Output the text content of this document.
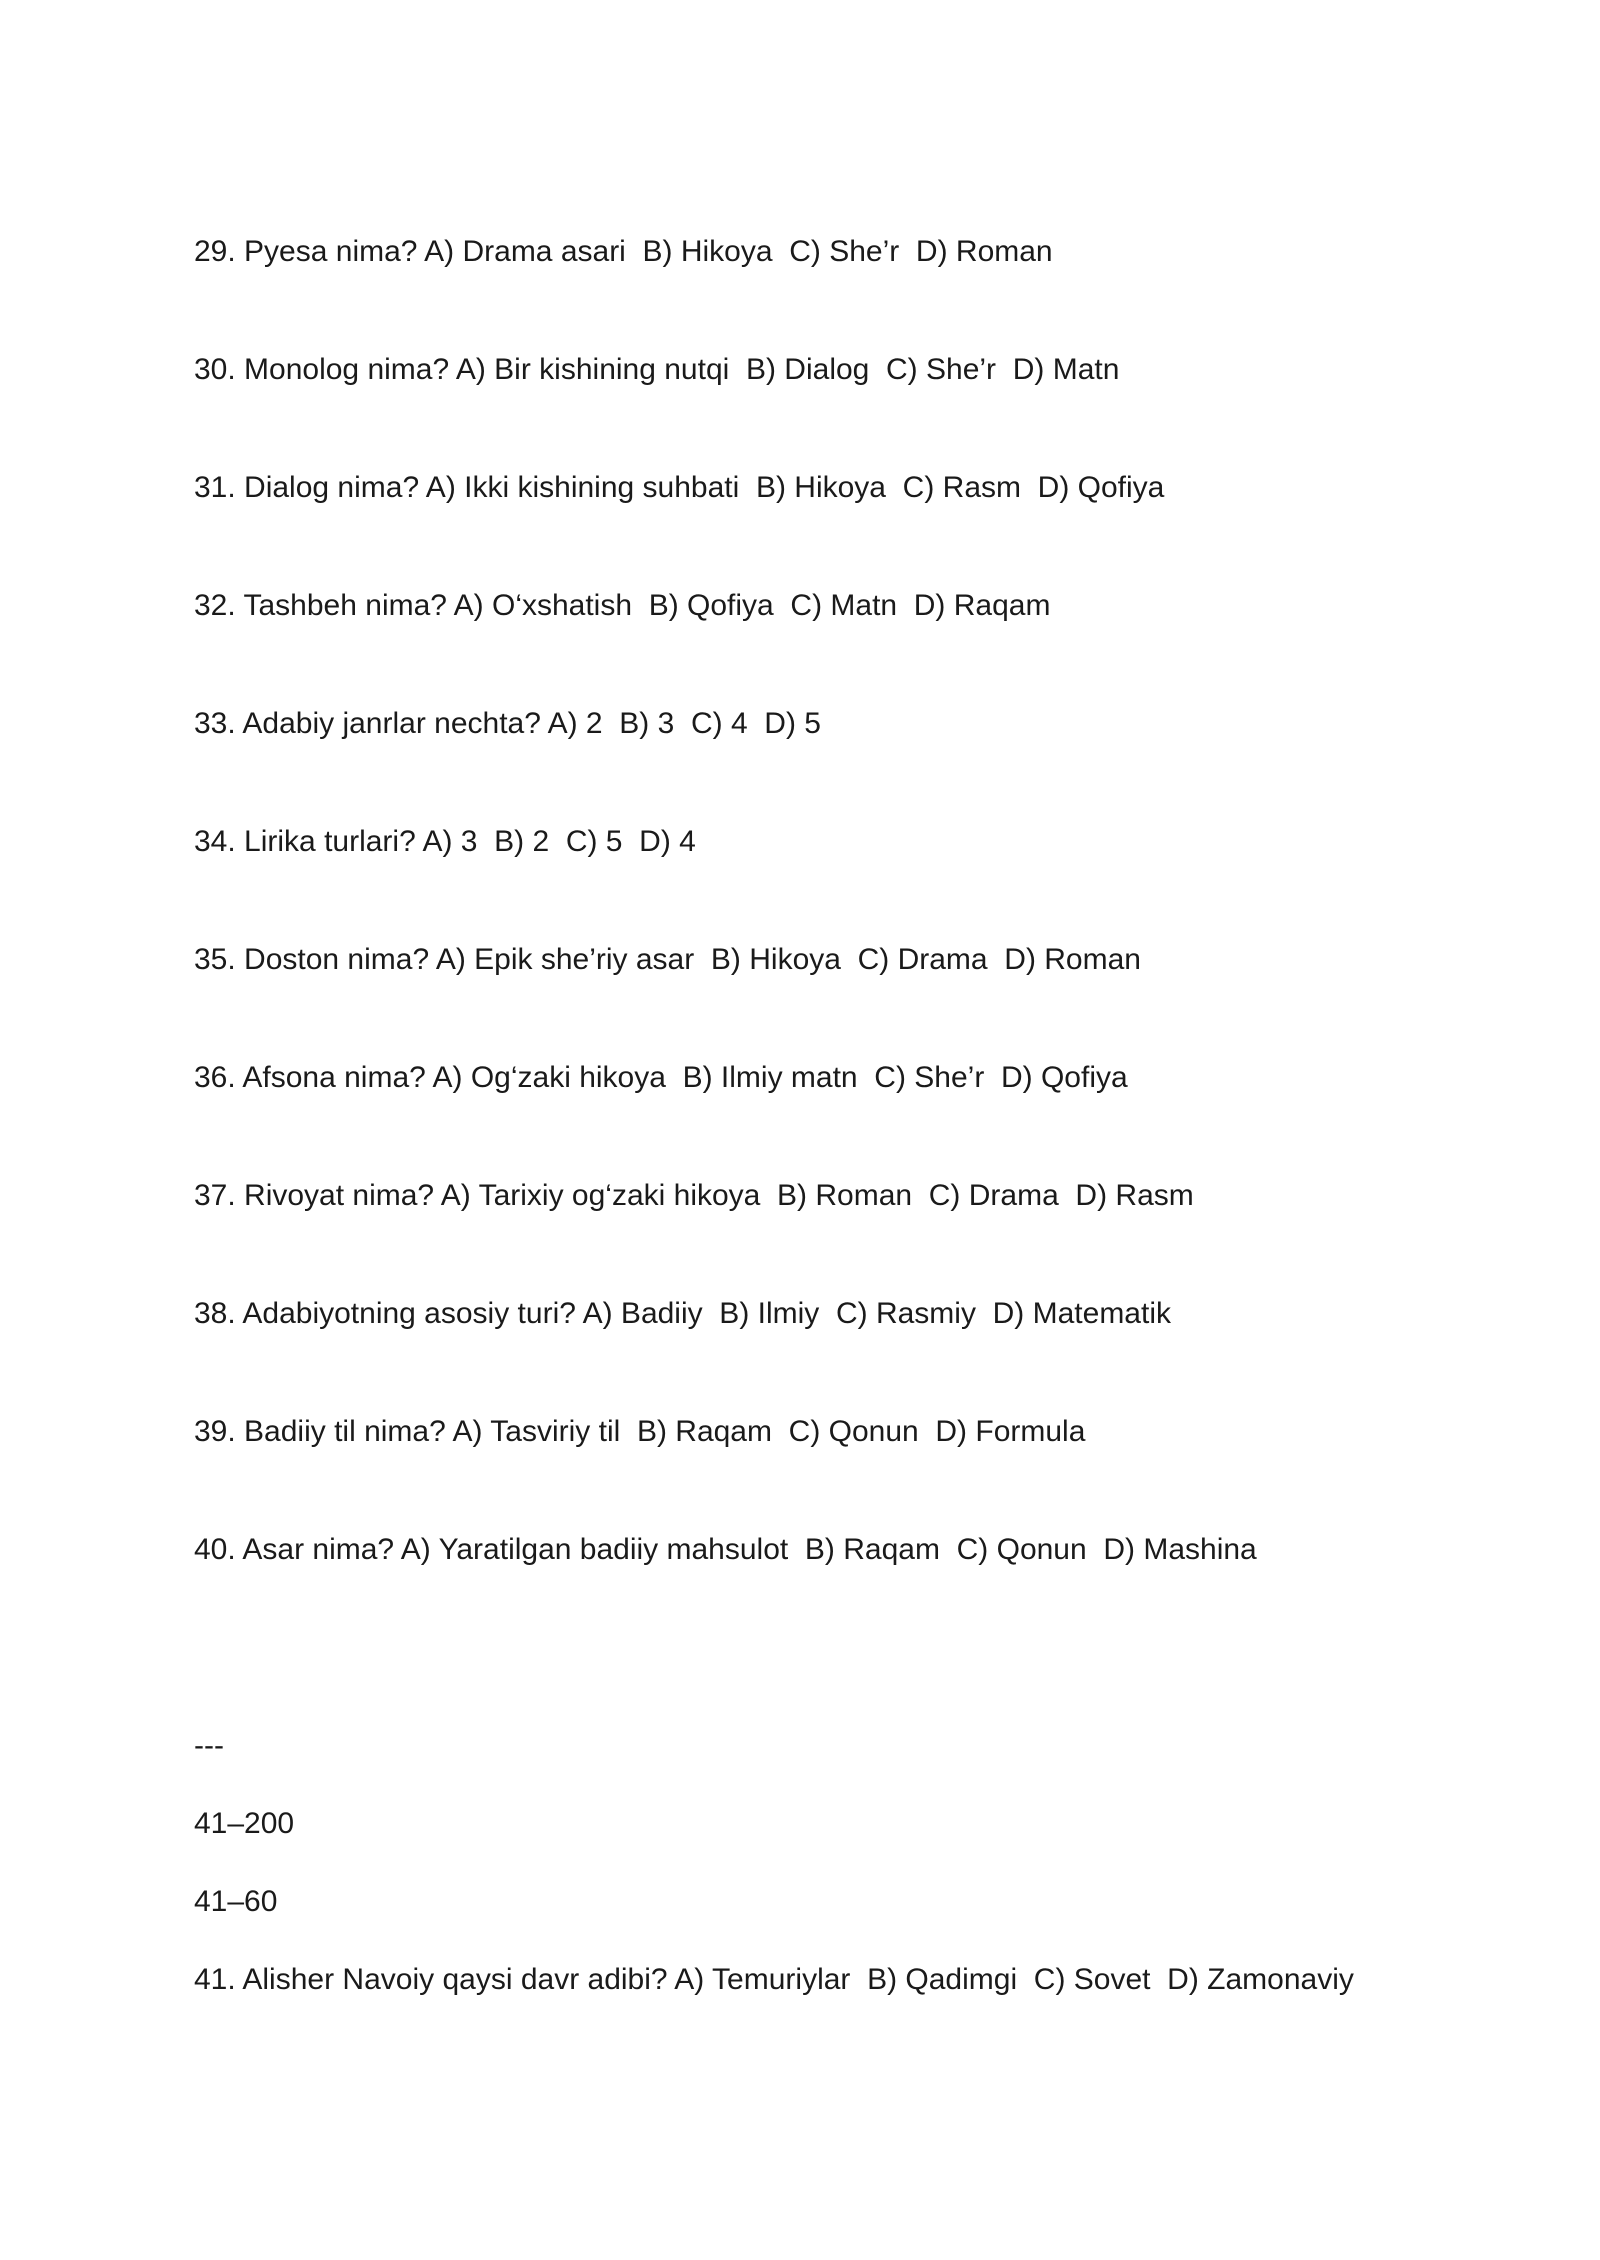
29. Pyesa nima? A) Drama asari  B) Hikoya  C) She’r  D) Roman
30. Monolog nima? A) Bir kishining nutqi  B) Dialog  C) She’r  D) Matn
31. Dialog nima? A) Ikki kishining suhbati  B) Hikoya  C) Rasm  D) Qofiya
32. Tashbeh nima? A) O‘xshatish  B) Qofiya  C) Matn  D) Raqam
33. Adabiy janrlar nechta? A) 2  B) 3  C) 4  D) 5
34. Lirika turlari? A) 3  B) 2  C) 5  D) 4
35. Doston nima? A) Epik she’riy asar  B) Hikoya  C) Drama  D) Roman
36. Afsona nima? A) Og‘zaki hikoya  B) Ilmiy matn  C) She’r  D) Qofiya
37. Rivoyat nima? A) Tarixiy og‘zaki hikoya  B) Roman  C) Drama  D) Rasm
38. Adabiyotning asosiy turi? A) Badiiy  B) Ilmiy  C) Rasmiy  D) Matematik
39. Badiiy til nima? A) Tasviriy til  B) Raqam  C) Qonun  D) Formula
40. Asar nima? A) Yaratilgan badiiy mahsulot  B) Raqam  C) Qonun  D) Mashina
---
41–200
41–60
41. Alisher Navoiy qaysi davr adibi? A) Temuriylar  B) Qadimgi  C) Sovet  D) Zamonaviy
